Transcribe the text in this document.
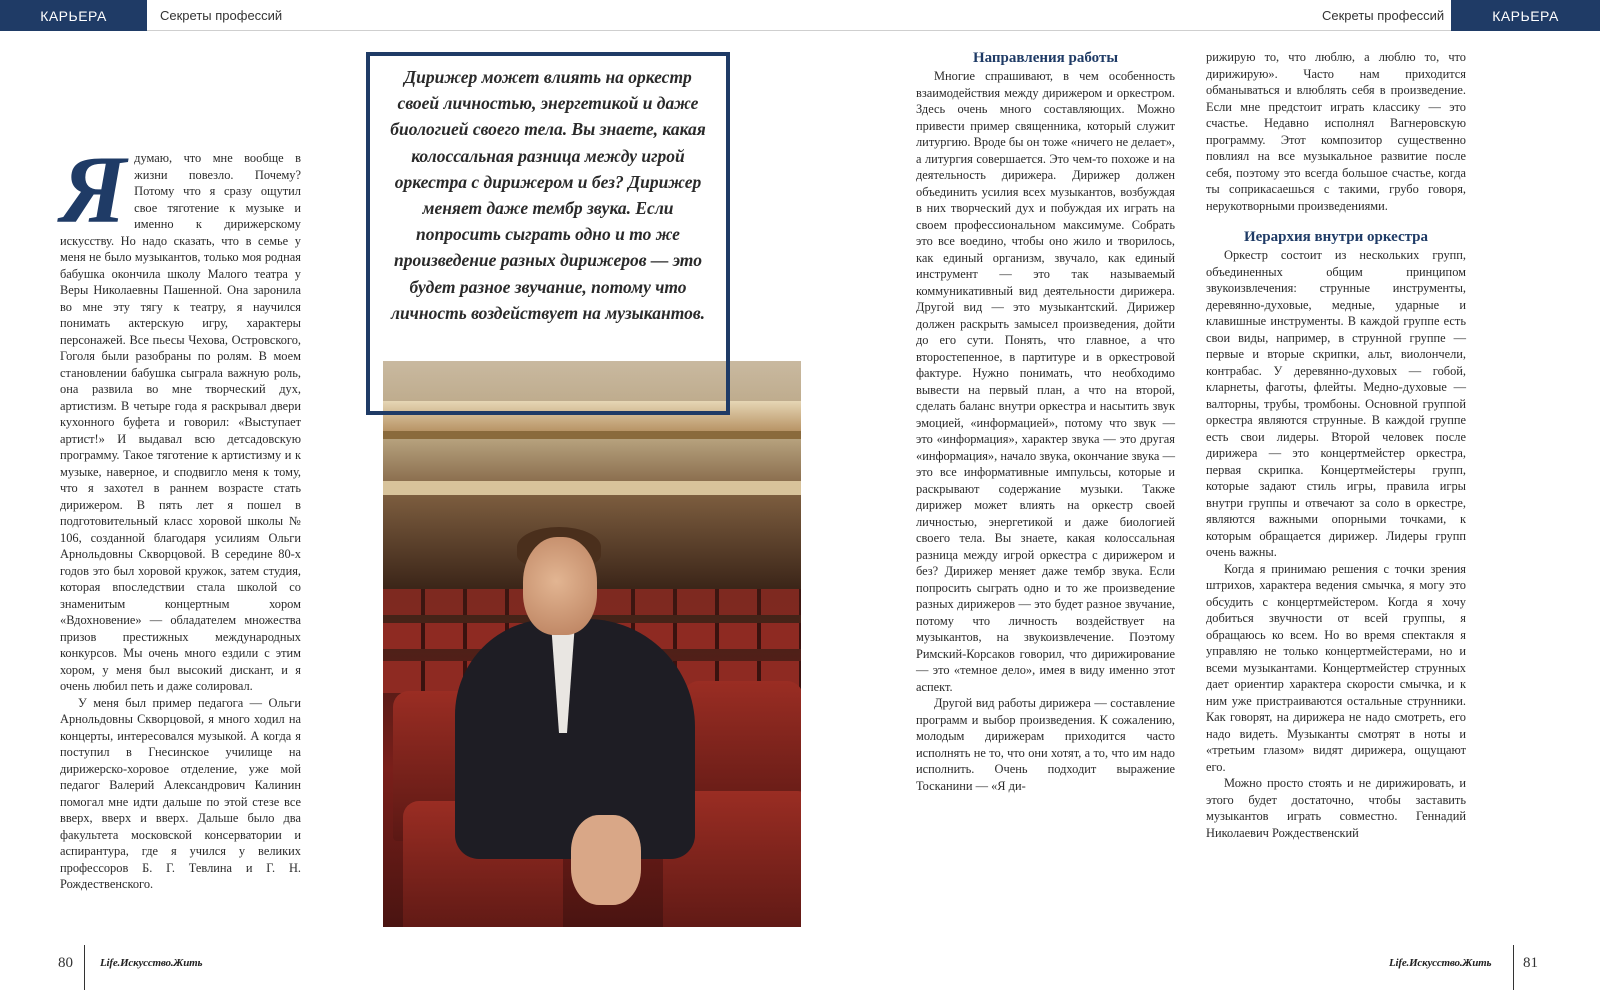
КАРЬЕРА	Секреты профессий	Секреты профессий	КАРЬЕРА
Я думаю, что мне вообще в жизни повезло. Почему? Потому что я сразу ощутил свое тяготение к музыке и именно к дирижерскому искусству. Но надо сказать, что в семье у меня не было музыкантов, только моя родная бабушка окончила школу Малого театра у Веры Николаевны Пашенной. Она заронила во мне эту тягу к театру, я научился понимать актерскую игру, характеры персонажей. Все пьесы Чехова, Островского, Гоголя были разобраны по ролям. В моем становлении бабушка сыграла важную роль, она развила во мне творческий дух, артистизм. В четыре года я раскрывал двери кухонного буфета и говорил: «Выступает артист!» И выдавал всю детсадовскую программу. Такое тяготение к артистизму и к музыке, наверное, и сподвигло меня к тому, что я захотел в раннем возрасте стать дирижером. В пять лет я пошел в подготовительный класс хоровой школы № 106, созданной благодаря усилиям Ольги Арнольдовны Скворцовой. В середине 80-х годов это был хоровой кружок, затем студия, которая впоследствии стала школой со знаменитым концертным хором «Вдохновение» — обладателем множества призов престижных международных конкурсов. Мы очень много ездили с этим хором, у меня был высокий дискант, и я очень любил петь и даже солировал.

У меня был пример педагога — Ольги Арнольдовны Скворцовой, я много ходил на концерты, интересовался музыкой. А когда я поступил в Гнесинское училище на дирижерско-хоровое отделение, уже мой педагог Валерий Александрович Калинин помогал мне идти дальше по этой стезе все вверх, вверх и вверх. Дальше было два факультета московской консерватории и аспирантура, где я учился у великих профессоров Б. Г. Тевлина и Г. Н. Рождественского.

Дирижер может влиять на оркестр своей личностью, энергетикой и даже биологией своего тела. Вы знаете, какая колоссальная разница между игрой оркестра с дирижером и без? Дирижер меняет даже тембр звука. Если попросить сыграть одно и то же произведение разных дирижеров — это будет разное звучание, потому что личность воздействует на музыкантов.
Направления работы

Многие спрашивают, в чем особенность взаимодействия между дирижером и оркестром. Здесь очень много составляющих. Можно привести пример священника, который служит литургию. Вроде бы он тоже «ничего не делает», а литургия совершается. Это чем-то похоже и на деятельность дирижера. Дирижер должен объединить усилия всех музыкантов, возбуждая в них творческий дух и побуждая их играть на своем профессиональном максимуме. Собрать это все воедино, чтобы оно жило и творилось, как единый организм, звучало, как единый инструмент — это так называемый коммуникативный вид деятельности дирижера. Другой вид — это музыкантский. Дирижер должен раскрыть замысел произведения, дойти до его сути. Понять, что главное, а что второстепенное, в партитуре и в оркестровой фактуре. Нужно понимать, что необходимо вывести на первый план, а что на второй, сделать баланс внутри оркестра и насытить звук эмоцией, «информацией», потому что звук — это «информация», характер звука — это другая «информация», начало звука, окончание звука — это все информативные импульсы, которые и раскрывают содержание музыки. Также дирижер может влиять на оркестр своей личностью, энергетикой и даже биологией своего тела. Вы знаете, какая колоссальная разница между игрой оркестра с дирижером и без? Дирижер меняет даже тембр звука. Если попросить сыграть одно и то же произведение разных дирижеров — это будет разное звучание, потому что личность воздействует на музыкантов, на звукоизвлечение. Поэтому Римский-Корсаков говорил, что дирижирование — это «темное дело», имея в виду именно этот аспект.

Другой вид работы дирижера — составление программ и выбор произведения. К сожалению, молодым дирижерам приходится часто исполнять не то, что они хотят, а то, что им надо исполнить. Очень подходит выражение Тосканини — «Я ди-

рижирую то, что люблю, а люблю то, что дирижирую». Часто нам приходится обманываться и влюблять себя в произведение. Если мне предстоит играть классику — это счастье. Недавно исполнял Вагнеровскую программу. Этот композитор существенно повлиял на все музыкальное развитие после себя, поэтому это всегда большое счастье, когда ты соприкасаешься с такими, грубо говоря, нерукотворными произведениями.

Иерархия внутри оркестра

Оркестр состоит из нескольких групп, объединенных общим принципом звукоизвлечения: струнные инструменты, деревянно-духовые, медные, ударные и клавишные инструменты. В каждой группе есть свои виды, например, в струнной группе — первые и вторые скрипки, альт, виолончели, контрабас. У деревянно-духовых — гобой, кларнеты, фаготы, флейты. Медно-духовые — валторны, трубы, тромбоны. Основной группой оркестра являются струнные. В каждой группе есть свои лидеры. Второй человек после дирижера — это концертмейстер оркестра, первая скрипка. Концертмейстеры групп, которые задают стиль игры, правила игры внутри группы и отвечают за соло в оркестре, являются важными опорными точками, к которым обращается дирижер. Лидеры групп очень важны.

Когда я принимаю решения с точки зрения штрихов, характера ведения смычка, я могу это обсудить с концертмейстером. Когда я хочу добиться звучности от всей группы, я обращаюсь ко всем. Но во время спектакля я управляю не только концертмейстерами, но и всеми музыкантами. Концертмейстер струнных дает ориентир характера скорости смычка, и к ним уже пристраиваются остальные струнники. Как говорят, на дирижера не надо смотреть, его надо видеть. Музыканты смотрят в ноты и «третьим глазом» видят дирижера, ощущают его.

Можно просто стоять и не дирижировать, и этого будет достаточно, чтобы заставить музыкантов играть совместно. Геннадий Николаевич Рождественский

80 Life.Искусство.Жить	Life.Искусство.Жить 81
